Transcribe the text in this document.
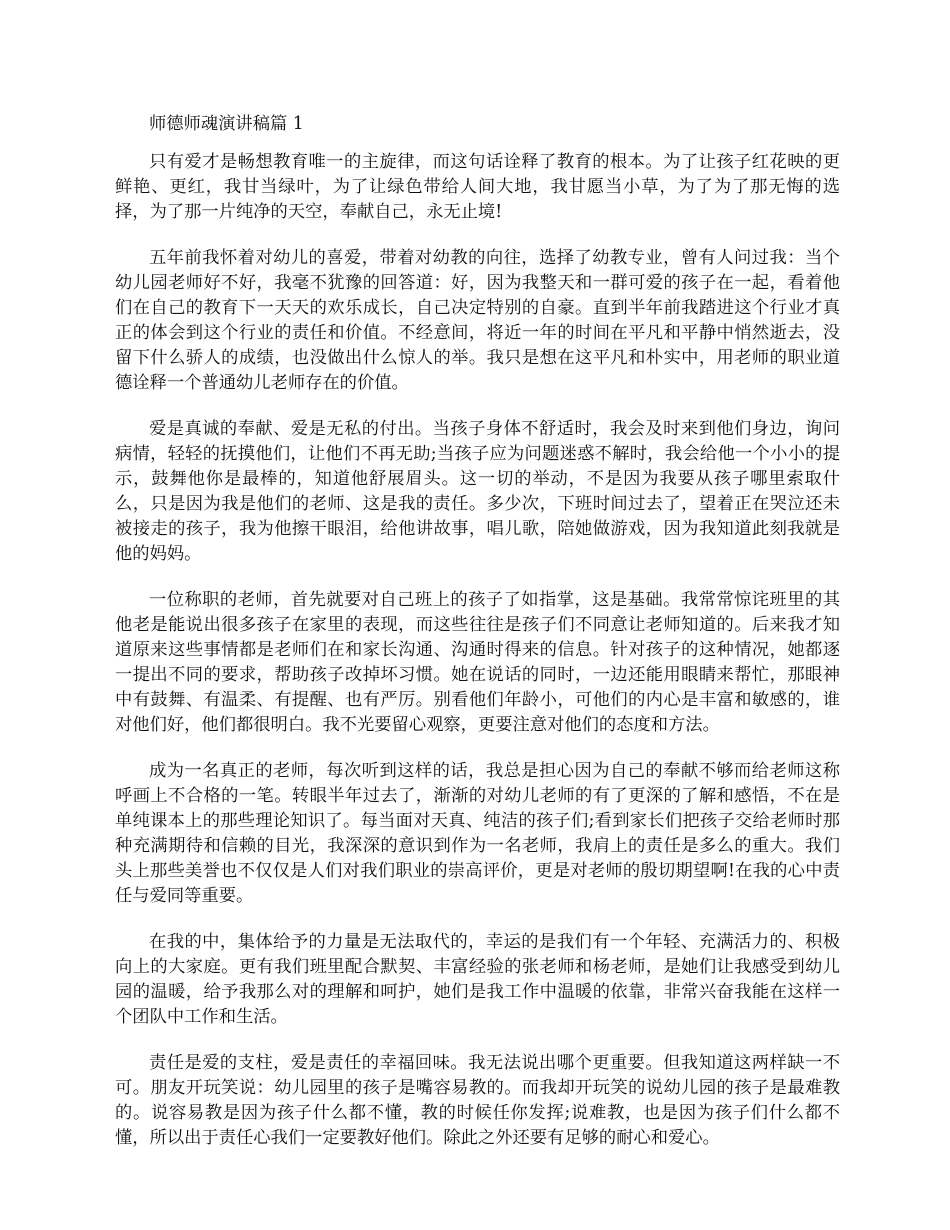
师德师魂演讲稿篇 1

只有爱才是畅想教育唯一的主旋律，而这句话诠释了教育的根本。为了让孩子红花映的更鲜艳、更红，我甘当绿叶，为了让绿色带给人间大地，我甘愿当小草，为了为了那无悔的选择，为了那一片纯净的天空，奉献自己，永无止境!

五年前我怀着对幼儿的喜爱，带着对幼教的向往，选择了幼教专业，曾有人问过我：当个幼儿园老师好不好，我毫不犹豫的回答道：好，因为我整天和一群可爱的孩子在一起，看着他们在自己的教育下一天天的欢乐成长，自己决定特别的自豪。直到半年前我踏进这个行业才真正的体会到这个行业的责任和价值。不经意间，将近一年的时间在平凡和平静中悄然逝去，没留下什么骄人的成绩，也没做出什么惊人的举。我只是想在这平凡和朴实中，用老师的职业道德诠释一个普通幼儿老师存在的价值。

爱是真诚的奉献、爱是无私的付出。当孩子身体不舒适时，我会及时来到他们身边，询问病情，轻轻的抚摸他们，让他们不再无助;当孩子应为问题迷惑不解时，我会给他一个小小的提示，鼓舞他你是最棒的，知道他舒展眉头。这一切的举动，不是因为我要从孩子哪里索取什么，只是因为我是他们的老师、这是我的责任。多少次，下班时间过去了，望着正在哭泣还未被接走的孩子，我为他擦干眼泪，给他讲故事，唱儿歌，陪她做游戏，因为我知道此刻我就是他的妈妈。

一位称职的老师，首先就要对自己班上的孩子了如指掌，这是基础。我常常惊诧班里的其他老是能说出很多孩子在家里的表现，而这些往往是孩子们不同意让老师知道的。后来我才知道原来这些事情都是老师们在和家长沟通、沟通时得来的信息。针对孩子的这种情况，她都逐一提出不同的要求，帮助孩子改掉坏习惯。她在说话的同时，一边还能用眼睛来帮忙，那眼神中有鼓舞、有温柔、有提醒、也有严厉。别看他们年龄小，可他们的内心是丰富和敏感的，谁对他们好，他们都很明白。我不光要留心观察，更要注意对他们的态度和方法。

成为一名真正的老师，每次听到这样的话，我总是担心因为自己的奉献不够而给老师这称呼画上不合格的一笔。转眼半年过去了，渐渐的对幼儿老师的有了更深的了解和感悟，不在是单纯课本上的那些理论知识了。每当面对天真、纯洁的孩子们;看到家长们把孩子交给老师时那种充满期待和信赖的目光，我深深的意识到作为一名老师，我肩上的责任是多么的重大。我们头上那些美誉也不仅仅是人们对我们职业的崇高评价，更是对老师的殷切期望啊!在我的心中责任与爱同等重要。

在我的中，集体给予的力量是无法取代的，幸运的是我们有一个年轻、充满活力的、积极向上的大家庭。更有我们班里配合默契、丰富经验的张老师和杨老师，是她们让我感受到幼儿园的温暖，给予我那么对的理解和呵护，她们是我工作中温暖的依靠，非常兴奋我能在这样一个团队中工作和生活。

责任是爱的支柱，爱是责任的幸福回味。我无法说出哪个更重要。但我知道这两样缺一不可。朋友开玩笑说：幼儿园里的孩子是嘴容易教的。而我却开玩笑的说幼儿园的孩子是最难教的。说容易教是因为孩子什么都不懂，教的时候任你发挥;说难教，也是因为孩子们什么都不懂，所以出于责任心我们一定要教好他们。除此之外还要有足够的耐心和爱心。
